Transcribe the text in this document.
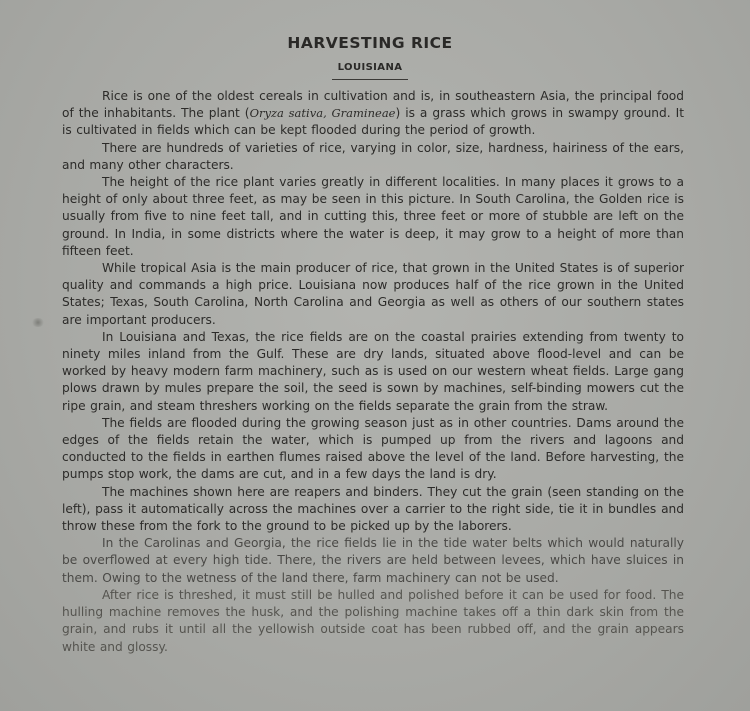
HARVESTING RICE
LOUISIANA

Rice is one of the oldest cereals in cultivation and is, in southeastern Asia, the principal food of the inhabitants. The plant (Oryza sativa, Gramineae) is a grass which grows in swampy ground. It is cultivated in fields which can be kept flooded during the period of growth.

There are hundreds of varieties of rice, varying in color, size, hardness, hairiness of the ears, and many other characters.

The height of the rice plant varies greatly in different localities. In many places it grows to a height of only about three feet, as may be seen in this picture. In South Carolina, the Golden rice is usually from five to nine feet tall, and in cutting this, three feet or more of stubble are left on the ground. In India, in some districts where the water is deep, it may grow to a height of more than fifteen feet.

While tropical Asia is the main producer of rice, that grown in the United States is of superior quality and commands a high price. Louisiana now produces half of the rice grown in the United States; Texas, South Carolina, North Carolina and Georgia as well as others of our southern states are important producers.

In Louisiana and Texas, the rice fields are on the coastal prairies extending from twenty to ninety miles inland from the Gulf. These are dry lands, situated above flood-level and can be worked by heavy modern farm machinery, such as is used on our western wheat fields. Large gang plows drawn by mules prepare the soil, the seed is sown by machines, self-binding mowers cut the ripe grain, and steam threshers working on the fields separate the grain from the straw.

The fields are flooded during the growing season just as in other countries. Dams around the edges of the fields retain the water, which is pumped up from the rivers and lagoons and conducted to the fields in earthen flumes raised above the level of the land. Before harvesting, the pumps stop work, the dams are cut, and in a few days the land is dry.

The machines shown here are reapers and binders. They cut the grain (seen standing on the left), pass it automatically across the machines over a carrier to the right side, tie it in bundles and throw these from the fork to the ground to be picked up by the laborers.

In the Carolinas and Georgia, the rice fields lie in the tide water belts which would naturally be overflowed at every high tide. There, the rivers are held between levees, which have sluices in them. Owing to the wetness of the land there, farm machinery can not be used.

After rice is threshed, it must still be hulled and polished before it can be used for food. The hulling machine removes the husk, and the polishing machine takes off a thin dark skin from the grain, and rubs it until all the yellowish outside coat has been rubbed off, and the grain appears white and glossy.
